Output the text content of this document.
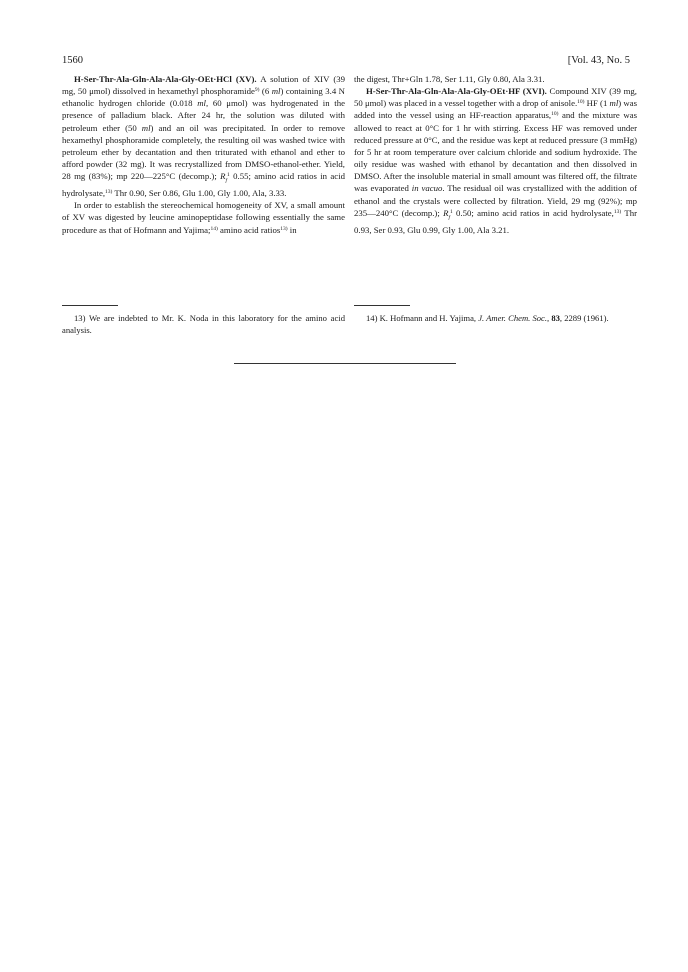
1560	[Vol. 43, No. 5

H-Ser-Thr-Ala-Gln-Ala-Ala-Gly-OEt·HCl (XV). A solution of XIV (39 mg, 50 μmol) dissolved in hexamethyl phosphoramide$^{9)}$ (6 ml) containing 3.4 N ethanolic hydrogen chloride (0.018 ml, 60 μmol) was hydrogenated in the presence of palladium black. After 24 hr, the solution was diluted with petroleum ether (50 ml) and an oil was precipitated. In order to remove hexamethyl phosphoramide completely, the resulting oil was washed twice with petroleum ether by decantation and then triturated with ethanol and ether to afford powder (32 mg). It was recrystallized from DMSO-ethanol-ether. Yield, 28 mg (83%); mp 220—225°C (decomp.); $R_f^1$ 0.55; amino acid ratios in acid hydrolysate,$^{13)}$ Thr 0.90, Ser 0.86, Glu 1.00, Gly 1.00, Ala, 3.33.

In order to establish the stereochemical homogeneity of XV, a small amount of XV was digested by leucine aminopeptidase following essentially the same procedure as that of Hofmann and Yajima;$^{14)}$ amino acid ratios$^{13)}$ in

the digest, Thr+Gln 1.78, Ser 1.11, Gly 0.80, Ala 3.31.

H-Ser-Thr-Ala-Gln-Ala-Ala-Gly-OEt·HF (XVI). Compound XIV (39 mg, 50 μmol) was placed in a vessel together with a drop of anisole.$^{10)}$ HF (1 ml) was added into the vessel using an HF-reaction apparatus,$^{10)}$ and the mixture was allowed to react at 0°C for 1 hr with stirring. Excess HF was removed under reduced pressure at 0°C, and the residue was kept at reduced pressure (3 mmHg) for 5 hr at room temperature over calcium chloride and sodium hydroxide. The oily residue was washed with ethanol by decantation and then dissolved in DMSO. After the insoluble material in small amount was filtered off, the filtrate was evaporated in vacuo. The residual oil was crystallized with the addition of ethanol and the crystals were collected by filtration. Yield, 29 mg (92%); mp 235—240°C (decomp.); $R_f^1$ 0.50; amino acid ratios in acid hydrolysate,$^{13)}$ Thr 0.93, Ser 0.93, Glu 0.99, Gly 1.00, Ala 3.21.

13) We are indebted to Mr. K. Noda in this laboratory for the amino acid analysis.

14) K. Hofmann and H. Yajima, J. Amer. Chem. Soc., 83, 2289 (1961).
